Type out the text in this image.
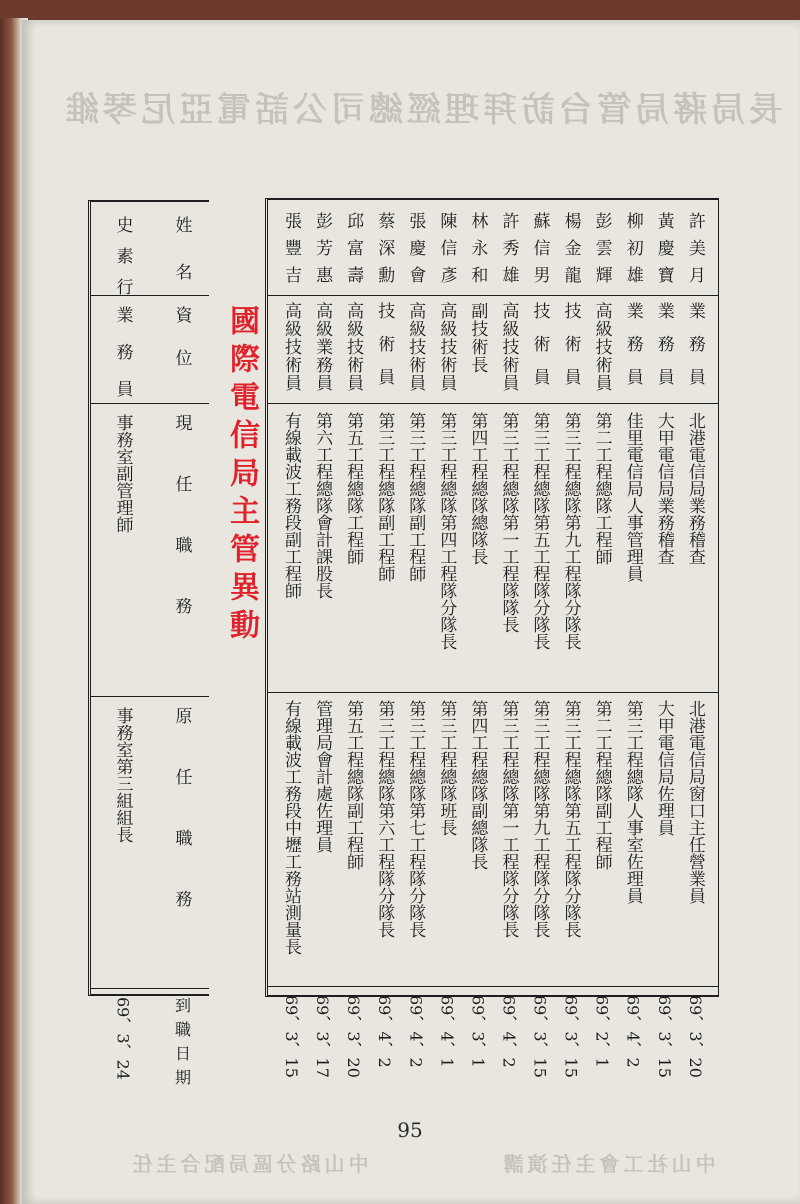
長局蔣局管台訪拜理經總司公話電亞尼琴維
中山社工會主任演講 中山路分區局配合主任
許美月
業務員
北港電信局業務稽查
北港電信局窗口主任營業員
69、3、20
黃慶寶
業務員
大甲電信局業務稽查
大甲電信局佐理員
69、3、15
柳初雄
業務員
佳里電信局人事管理員
第三工程總隊人事室佐理員
69、4、2
彭雲輝
高級技術員
第二工程總隊工程師
第二工程總隊副工程師
69、2、1
楊金龍
技術員
第三工程總隊第九工程隊分隊長
第三工程總隊第五工程隊分隊長
69、3、15
蘇信男
技術員
第三工程總隊第五工程隊分隊長
第三工程總隊第九工程隊分隊長
69、3、15
許秀雄
高級技術員
第三工程總隊第一工程隊隊長
第三工程總隊第一工程隊分隊長
69、4、2
林永和
副技術長
第四工程總隊總隊長
第四工程總隊副總隊長
69、3、1
陳信彥
高級技術員
第三工程總隊第四工程隊分隊長
第三工程總隊班長
69、4、1
張慶會
高級技術員
第三工程總隊副工程師
第三工程總隊第七工程隊分隊長
69、4、2
蔡深勳
技術員
第三工程總隊副工程師
第三工程總隊第六工程隊分隊長
69、4、2
邱富壽
高級技術員
第五工程總隊工程師
第五工程總隊副工程師
69、3、20
彭芳惠
高級業務員
第六工程總隊會計課股長
管理局會計處佐理員
69、3、17
張豐吉
高級技術員
有線載波工務段副工程師
有線載波工務段中壢工務站測量長
69、3、15
國際電信局主管異動
姓名
資位
現任職務
原任職務
到職日期
史素行
業務員
事務室副管理師
事務室第三組組長
69、3、24
95
